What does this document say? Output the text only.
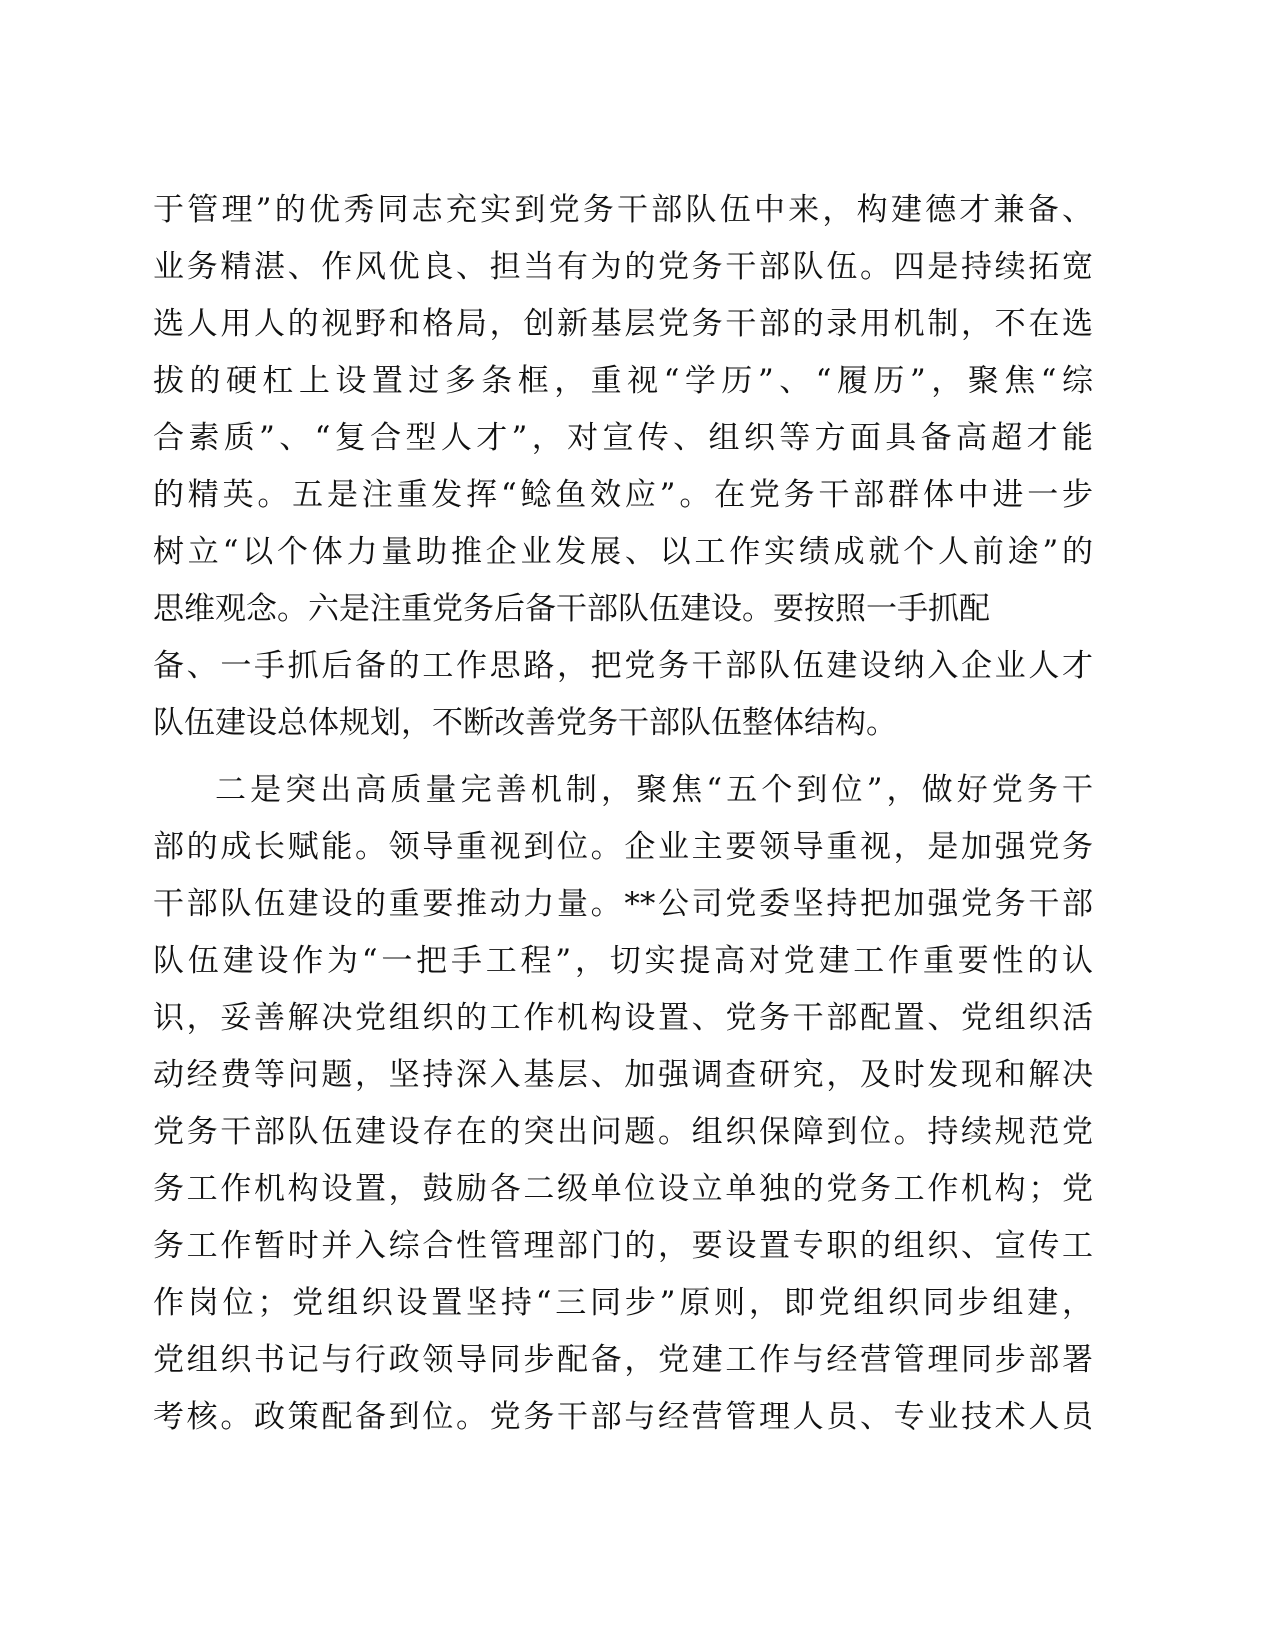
于管理”的优秀同志充实到党务干部队伍中来，构建德才兼备、
业务精湛、作风优良、担当有为的党务干部队伍。四是持续拓宽
选人用人的视野和格局，创新基层党务干部的录用机制，不在选
拔的硬杠上设置过多条框，重视“学历”、“履历”，聚焦“综
合素质”、“复合型人才”，对宣传、组织等方面具备高超才能
的精英。五是注重发挥“鲶鱼效应”。在党务干部群体中进一步
树立“以个体力量助推企业发展、以工作实绩成就个人前途”的
思维观念。六是注重党务后备干部队伍建设。要按照一手抓配
备、一手抓后备的工作思路，把党务干部队伍建设纳入企业人才
队伍建设总体规划，不断改善党务干部队伍整体结构。
二是突出高质量完善机制，聚焦“五个到位”，做好党务干
部的成长赋能。领导重视到位。企业主要领导重视，是加强党务
干部队伍建设的重要推动力量。**公司党委坚持把加强党务干部
队伍建设作为“一把手工程”，切实提高对党建工作重要性的认
识，妥善解决党组织的工作机构设置、党务干部配置、党组织活
动经费等问题，坚持深入基层、加强调查研究，及时发现和解决
党务干部队伍建设存在的突出问题。组织保障到位。持续规范党
务工作机构设置，鼓励各二级单位设立单独的党务工作机构；党
务工作暂时并入综合性管理部门的，要设置专职的组织、宣传工
作岗位；党组织设置坚持“三同步”原则，即党组织同步组建，
党组织书记与行政领导同步配备，党建工作与经营管理同步部署
考核。政策配备到位。党务干部与经营管理人员、专业技术人员
